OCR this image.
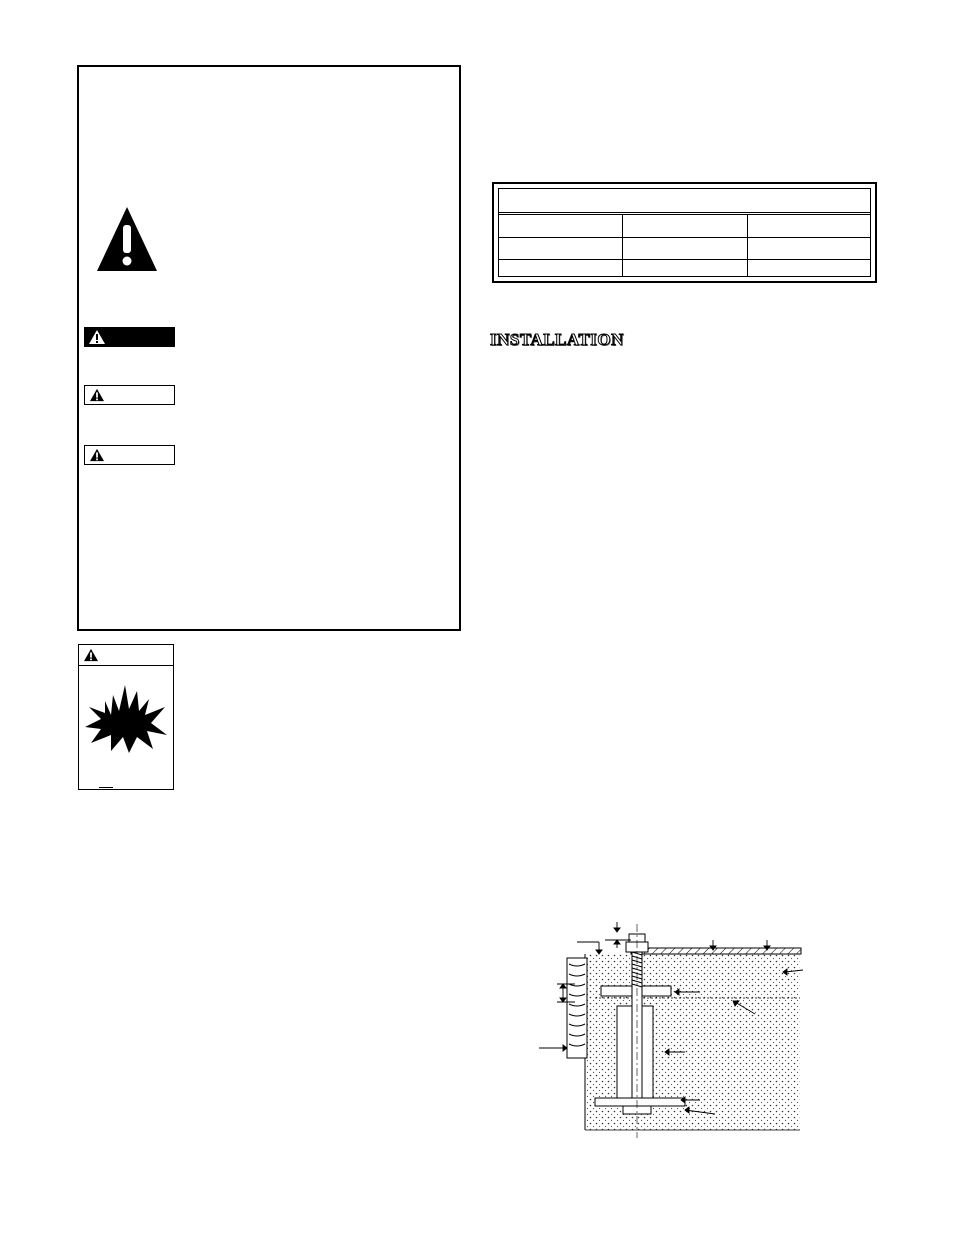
INSTALLATION
